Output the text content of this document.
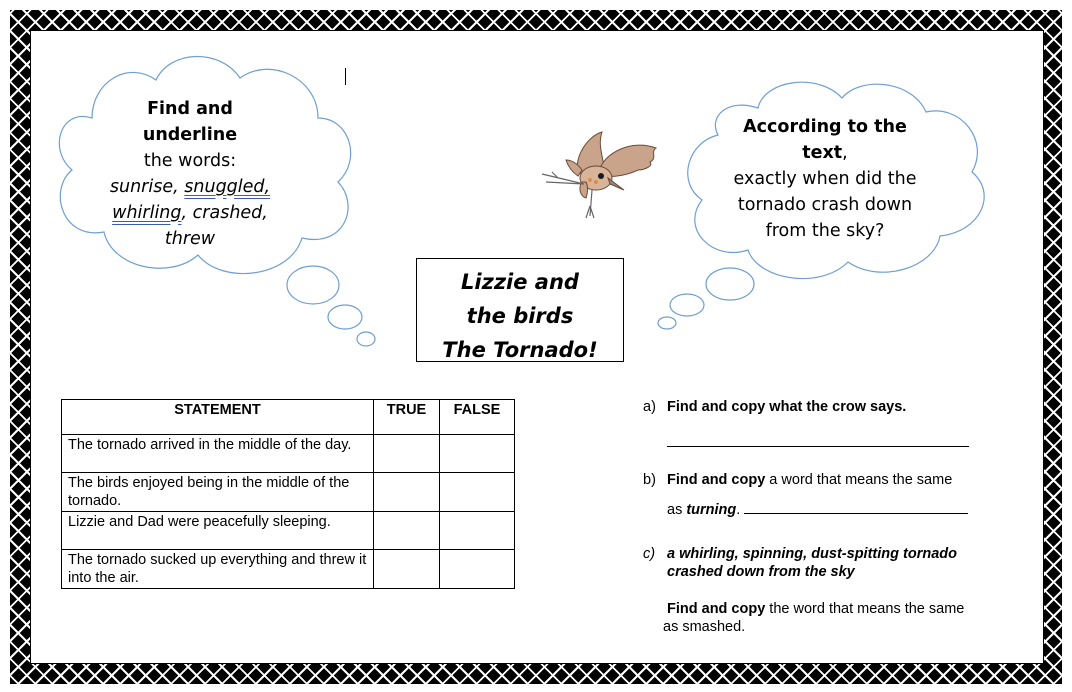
Find and underline
the words:
sunrise, snuggled,
whirling, crashed,
threw
According to the
text,
exactly when did the
tornado crash down
from the sky?
Lizzie and
the birds
The Tornado!
STATEMENT	TRUE	FALSE
The tornado arrived in the middle of the day.		
The birds enjoyed being in the middle of the tornado.		
Lizzie and Dad were peacefully sleeping.		
The tornado sucked up everything and threw it into the air.		
a) Find and copy what the crow says.
b) Find and copy a word that means the same
as turning.
c) a whirling, spinning, dust-spitting tornado crashed down from the sky
Find and copy the word that means the same
as smashed.
